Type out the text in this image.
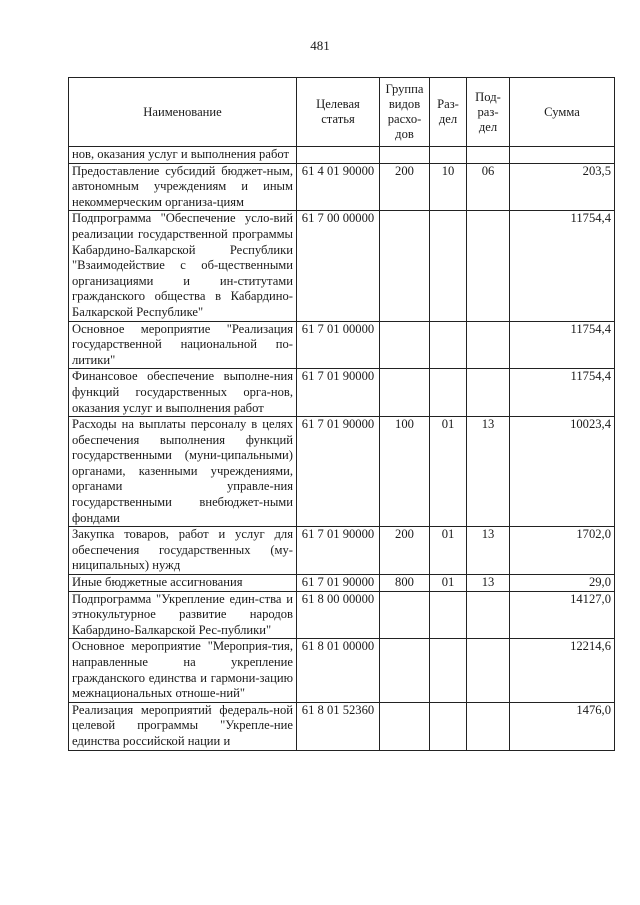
481
Наименование	Целевая статья	Группа видов расхо-дов	Раз-дел	Под-раз-дел	Сумма
нов, оказания услуг и выполнения работ					
Предоставление субсидий бюджет-ным, автономным учреждениям и иным некоммерческим организа-циям	61 4 01 90000	200	10	06	203,5
Подпрограмма "Обеспечение усло-вий реализации государственной программы Кабардино-Балкарской Республики "Взаимодействие с об-щественными организациями и ин-ститутами гражданского общества в Кабардино-Балкарской Республике"	61 7 00 00000				11754,4
Основное мероприятие "Реализация государственной национальной по-литики"	61 7 01 00000				11754,4
Финансовое обеспечение выполне-ния функций государственных орга-нов, оказания услуг и выполнения работ	61 7 01 90000				11754,4
Расходы на выплаты персоналу в целях обеспечения выполнения функций государственными (муни-ципальными) органами, казенными учреждениями, органами управле-ния государственными внебюджет-ными фондами	61 7 01 90000	100	01	13	10023,4
Закупка товаров, работ и услуг для обеспечения государственных (му-ниципальных) нужд	61 7 01 90000	200	01	13	1702,0
Иные бюджетные ассигнования	61 7 01 90000	800	01	13	29,0
Подпрограмма "Укрепление един-ства и этнокультурное развитие народов Кабардино-Балкарской Рес-публики"	61 8 00 00000				14127,0
Основное мероприятие "Мероприя-тия, направленные на укрепление гражданского единства и гармони-зацию межнациональных отноше-ний"	61 8 01 00000				12214,6
Реализация мероприятий федераль-ной целевой программы "Укрепле-ние единства российской нации и	61 8 01 52360				1476,0
